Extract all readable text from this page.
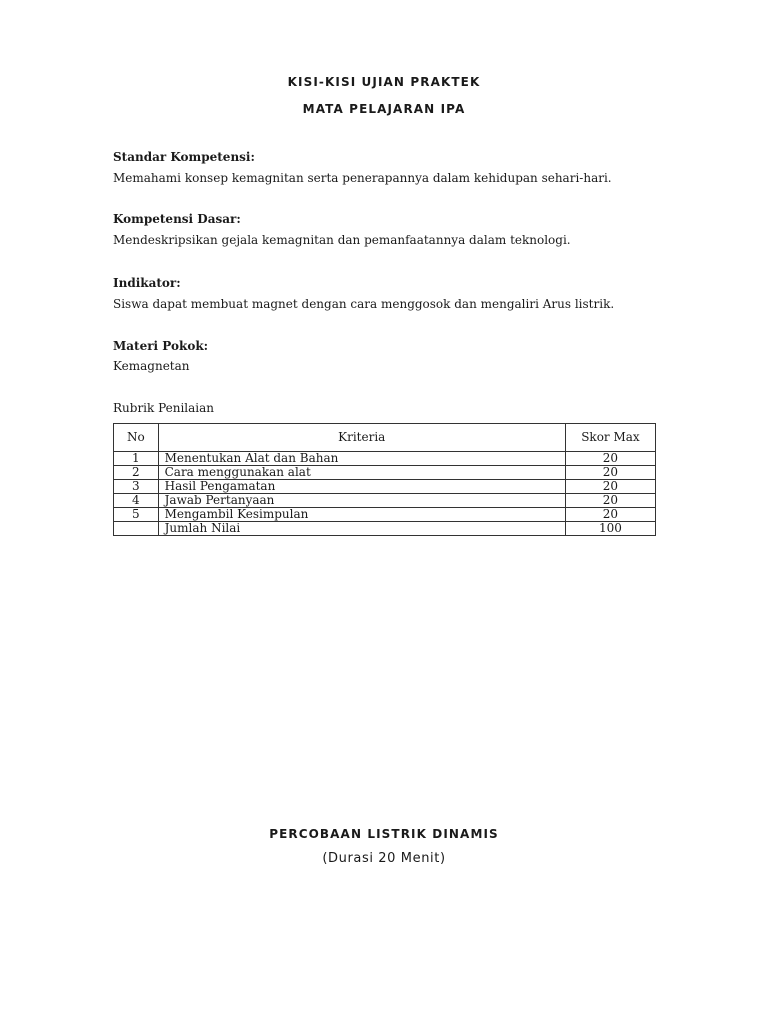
KISI-KISI UJIAN PRAKTEK
MATA PELAJARAN IPA
Standar Kompetensi:
Memahami konsep kemagnitan serta penerapannya dalam kehidupan sehari-hari.
Kompetensi Dasar:
Mendeskripsikan gejala kemagnitan dan pemanfaatannya dalam teknologi.
Indikator:
Siswa dapat membuat magnet dengan cara menggosok dan mengaliri Arus listrik.
Materi Pokok:
Kemagnetan
Rubrik Penilaian
No	Kriteria	Skor Max
1	Menentukan Alat dan Bahan	20
2	Cara menggunakan alat	20
3	Hasil Pengamatan	20
4	Jawab Pertanyaan	20
5	Mengambil Kesimpulan	20
	Jumlah Nilai	100
PERCOBAAN LISTRIK DINAMIS
(Durasi 20 Menit)
